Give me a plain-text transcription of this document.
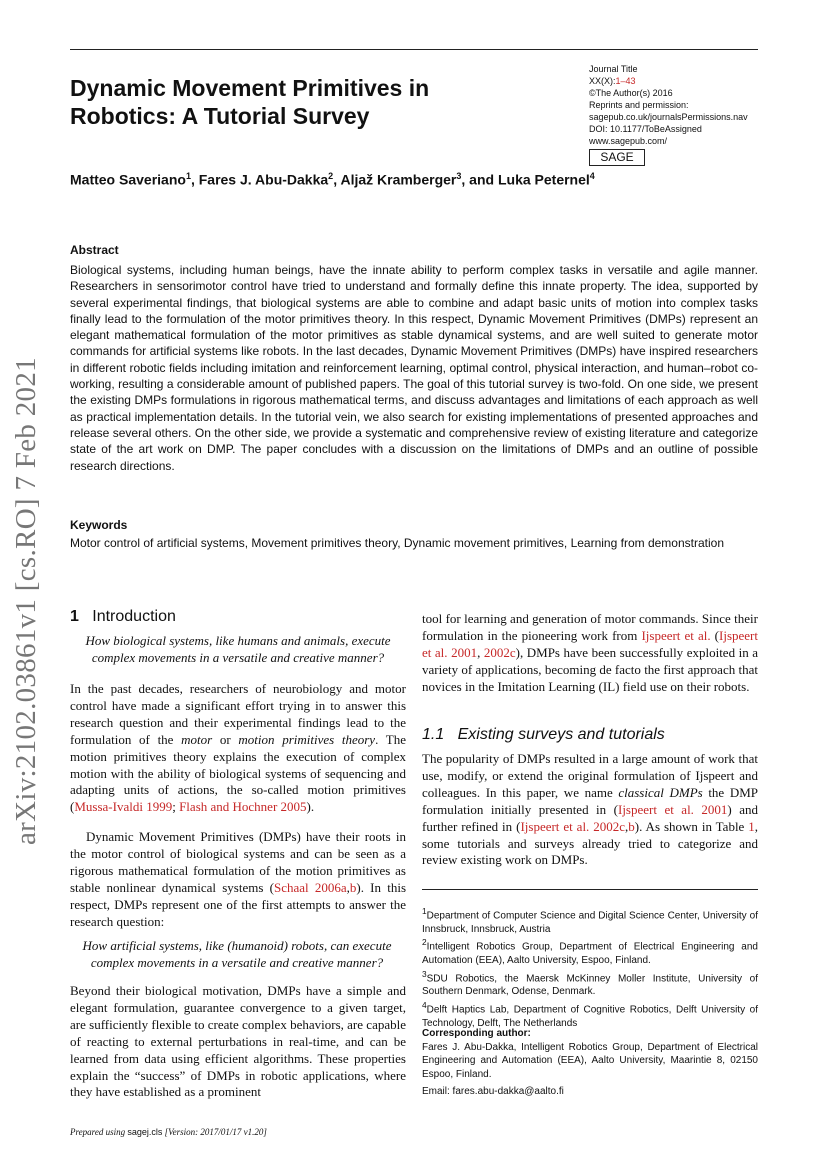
Dynamic Movement Primitives in Robotics: A Tutorial Survey
Journal Title
XX(X):1–43
©The Author(s) 2016
Reprints and permission:
sagepub.co.uk/journalsPermissions.nav
DOI: 10.1177/ToBeAssigned
www.sagepub.com/
SAGE
Matteo Saveriano$^1$, Fares J. Abu-Dakka$^2$, Aljaž Kramberger$^3$, and Luka Peternel$^4$
Abstract
Biological systems, including human beings, have the innate ability to perform complex tasks in versatile and agile manner. Researchers in sensorimotor control have tried to understand and formally define this innate property. The idea, supported by several experimental findings, that biological systems are able to combine and adapt basic units of motion into complex tasks finally lead to the formulation of the motor primitives theory. In this respect, Dynamic Movement Primitives (DMPs) represent an elegant mathematical formulation of the motor primitives as stable dynamical systems, and are well suited to generate motor commands for artificial systems like robots. In the last decades, Dynamic Movement Primitives (DMPs) have inspired researchers in different robotic fields including imitation and reinforcement learning, optimal control, physical interaction, and human–robot co-working, resulting a considerable amount of published papers. The goal of this tutorial survey is two-fold. On one side, we present the existing DMPs formulations in rigorous mathematical terms, and discuss advantages and limitations of each approach as well as practical implementation details. In the tutorial vein, we also search for existing implementations of presented approaches and release several others. On the other side, we provide a systematic and comprehensive review of existing literature and categorize state of the art work on DMP. The paper concludes with a discussion on the limitations of DMPs and an outline of possible research directions.
Keywords
Motor control of artificial systems, Movement primitives theory, Dynamic movement primitives, Learning from demonstration
arXiv:2102.03861v1 [cs.RO] 7 Feb 2021 1 Introduction
How biological systems, like humans and animals, execute complex movements in a versatile and creative manner?
In the past decades, researchers of neurobiology and motor control have made a significant effort trying in to answer this research question and their experimental findings lead to the formulation of the motor or motion primitives theory. The motion primitives theory explains the execution of complex motion with the ability of biological systems of sequencing and adapting units of actions, the so-called motion primitives (Mussa-Ivaldi 1999; Flash and Hochner 2005).
Dynamic Movement Primitives (DMPs) have their roots in the motor control of biological systems and can be seen as a rigorous mathematical formulation of the motion primitives as stable nonlinear dynamical systems (Schaal 2006a,b). In this respect, DMPs represent one of the first attempts to answer the research question:
How artificial systems, like (humanoid) robots, can execute complex movements in a versatile and creative manner?
Beyond their biological motivation, DMPs have a simple and elegant formulation, guarantee convergence to a given target, are sufficiently flexible to create complex behaviors, are capable of reacting to external perturbations in real-time, and can be learned from data using efficient algorithms. These properties explain the “success” of DMPs in robotic applications, where they have established as a prominent
tool for learning and generation of motor commands. Since their formulation in the pioneering work from Ijspeert et al. (Ijspeert et al. 2001, 2002c), DMPs have been successfully exploited in a variety of applications, becoming de facto the first approach that novices in the Imitation Learning (IL) field use on their robots.
1.1 Existing surveys and tutorials
The popularity of DMPs resulted in a large amount of work that use, modify, or extend the original formulation of Ijspeert and colleagues. In this paper, we name classical DMPs the DMP formulation initially presented in (Ijspeert et al. 2001) and further refined in (Ijspeert et al. 2002c,b). As shown in Table 1, some tutorials and surveys already tried to categorize and review existing work on DMPs.

$^1$Department of Computer Science and Digital Science Center, University of Innsbruck, Innsbruck, Austria

$^2$Intelligent Robotics Group, Department of Electrical Engineering and Automation (EEA), Aalto University, Espoo, Finland.

$^3$SDU Robotics, the Maersk McKinney Moller Institute, University of Southern Denmark, Odense, Denmark.

$^4$Delft Haptics Lab, Department of Cognitive Robotics, Delft University of Technology, Delft, The Netherlands

Corresponding author:

Fares J. Abu-Dakka, Intelligent Robotics Group, Department of Electrical Engineering and Automation (EEA), Aalto University, Maarintie 8, 02150 Espoo, Finland.

Email: fares.abu-dakka@aalto.fi

Prepared using sagej.cls [Version: 2017/01/17 v1.20]
